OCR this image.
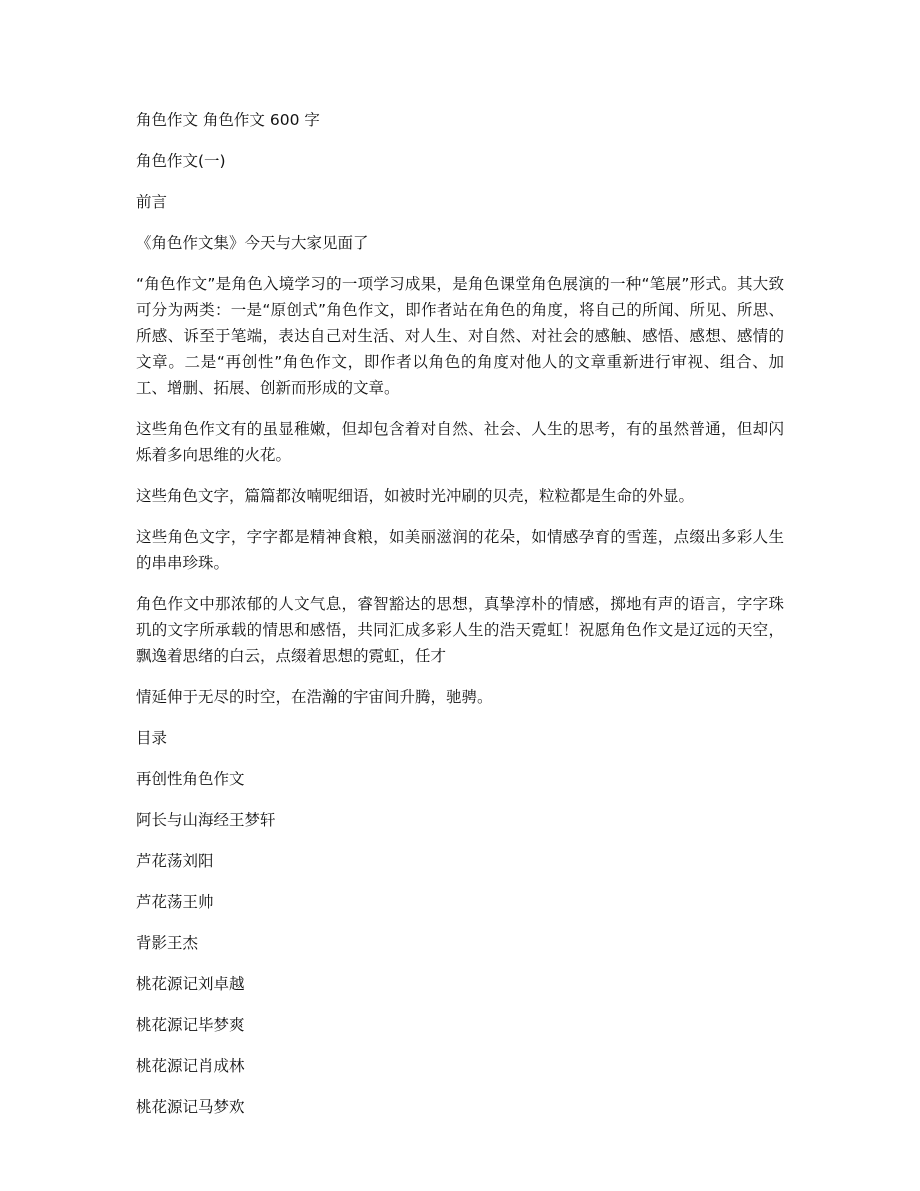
角色作文 角色作文 600 字

角色作文(一)

前言

《角色作文集》今天与大家见面了

“角色作文”是角色入境学习的一项学习成果，是角色课堂角色展演的一种“笔展”形式。其大致可分为两类：一是“原创式”角色作文，即作者站在角色的角度，将自己的所闻、所见、所思、所感、诉至于笔端，表达自己对生活、对人生、对自然、对社会的感触、感悟、感想、感情的文章。二是“再创性”角色作文，即作者以角色的角度对他人的文章重新进行审视、组合、加工、增删、拓展、创新而形成的文章。

这些角色作文有的虽显稚嫩，但却包含着对自然、社会、人生的思考，有的虽然普通，但却闪烁着多向思维的火花。

这些角色文字，篇篇都汝喃呢细语，如被时光冲刷的贝壳，粒粒都是生命的外显。

这些角色文字，字字都是精神食粮，如美丽滋润的花朵，如情感孕育的雪莲，点缀出多彩人生的串串珍珠。

角色作文中那浓郁的人文气息，睿智豁达的思想，真挚淳朴的情感，掷地有声的语言，字字珠玑的文字所承载的情思和感悟，共同汇成多彩人生的浩天霓虹！祝愿角色作文是辽远的天空，飘逸着思绪的白云，点缀着思想的霓虹，任才

情延伸于无尽的时空，在浩瀚的宇宙间升腾，驰骋。

目录

再创性角色作文

阿长与山海经王梦轩

芦花荡刘阳

芦花荡王帅

背影王杰

桃花源记刘卓越

桃花源记毕梦爽

桃花源记肖成林

桃花源记马梦欢
